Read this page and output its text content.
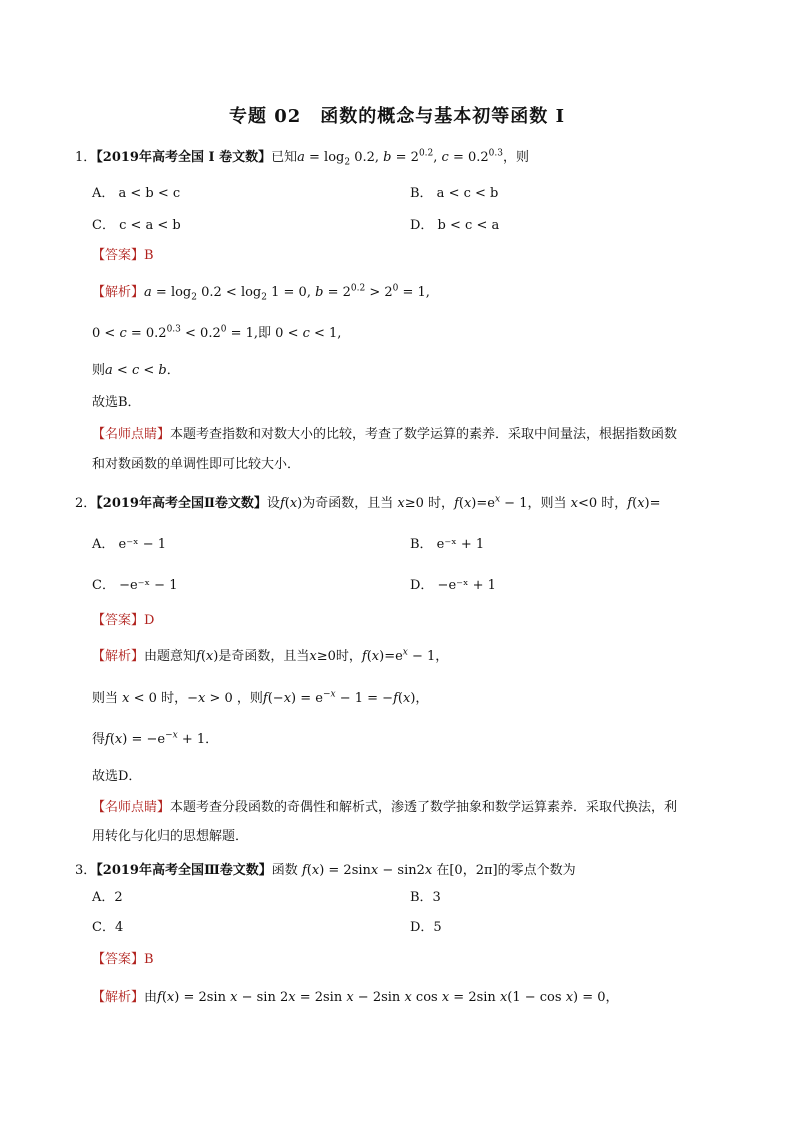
专题 02　函数的概念与基本初等函数 I
1．【2019年高考全国 I 卷文数】已知$a = \log_2 0.2$, $b = 2^{0.2}$, $c = 0.2^{0.3}$，则
A． a < b < c	B． a < c < b
C． c < a < b	D． b < c < a
【答案】B
【解析】$a = \log_2 0.2 < \log_2 1 = 0$, $b = 2^{0.2} > 2^0 = 1$,
$0 < c = 0.2^{0.3} < 0.2^0 = 1$,即 0 < c < 1,
则a < c < b．
故选B．
【名师点睛】本题考查指数和对数大小的比较，考查了数学运算的素养．采取中间量法，根据指数函数
和对数函数的单调性即可比较大小．
2．【2019年高考全国Ⅱ卷文数】设f(x)为奇函数，且当 x≥0 时，$f(x)=e^x - 1$，则当 x<0 时，f(x)=
A． e⁻ˣ − 1	B． e⁻ˣ + 1
C． −e⁻ˣ − 1	D． −e⁻ˣ + 1
【答案】D
【解析】由题意知f(x)是奇函数，且当x≥0时，$f(x)=e^x - 1$，
则当 x < 0 时，−x > 0 ，则$f(-x) = e^{-x} - 1 = -f(x)$，
得$f(x) = -e^{-x} + 1$．
故选D．
【名师点睛】本题考查分段函数的奇偶性和解析式，渗透了数学抽象和数学运算素养．采取代换法，利
用转化与化归的思想解题．
3．【2019年高考全国Ⅲ卷文数】函数 f(x) = 2sinx − sin2x 在[0，2π]的零点个数为
A．2	B．3
C．4	D．5
【答案】B
【解析】由f(x) = 2sin x − sin 2x = 2sin x − 2sin x cos x = 2sin x(1 − cos x) = 0，
